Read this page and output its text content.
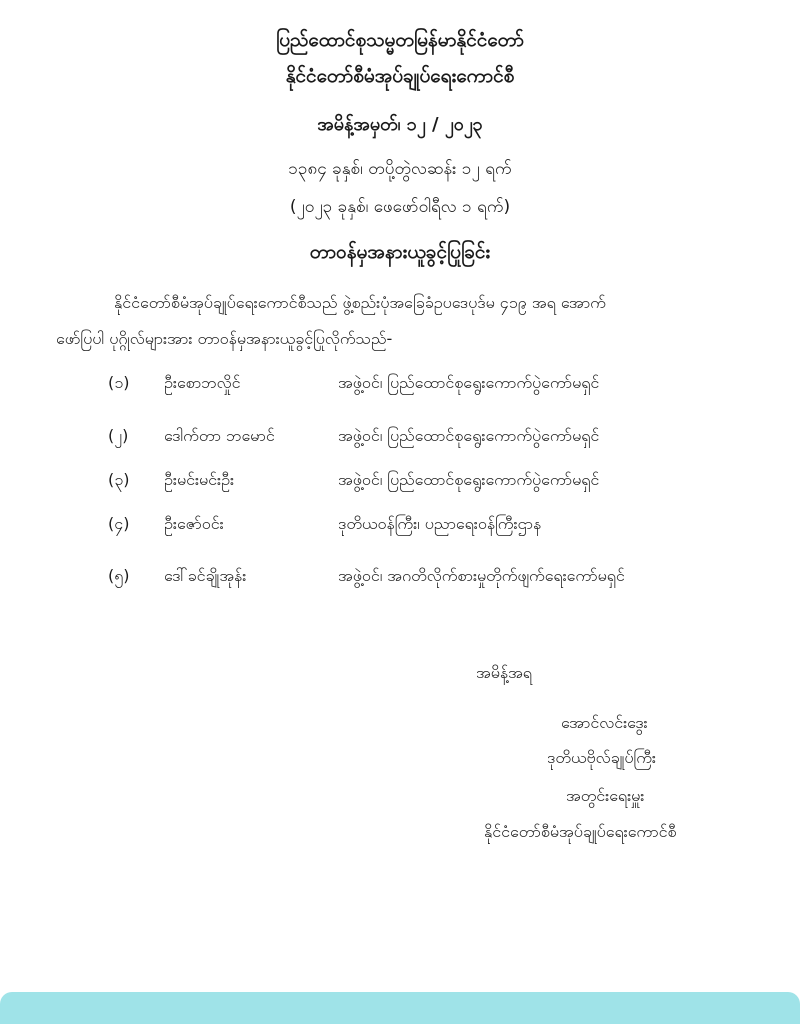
ပြည်ထောင်စုသမ္မတမြန်မာနိုင်ငံတော်
နိုင်ငံတော်စီမံအုပ်ချုပ်ရေးကောင်စီ
အမိန့်အမှတ်၊ ၁၂ / ၂၀၂၃
၁၃၈၄ ခုနှစ်၊ တပို့တွဲလဆန်း ၁၂ ရက်
(၂၀၂၃ ခုနှစ်၊ ဖေဖော်ဝါရီလ ၁ ရက်)
တာဝန်မှအနားယူခွင့်ပြုခြင်း
နိုင်ငံတော်စီမံအုပ်ချုပ်ရေးကောင်စီသည် ဖွဲ့စည်းပုံအခြေခံဥပဒေပုဒ်မ ၄၁၉ အရ အောက်
ဖော်ပြပါ ပုဂ္ဂိုလ်များအား တာဝန်မှအနားယူခွင့်ပြုလိုက်သည်-
(၁) ဦးစောဘလှိုင်	အဖွဲ့ဝင်၊ ပြည်ထောင်စုရွေးကောက်ပွဲကော်မရှင်
(၂) ဒေါက်တာ ဘမောင်	အဖွဲ့ဝင်၊ ပြည်ထောင်စုရွေးကောက်ပွဲကော်မရှင်
(၃) ဦးမင်းမင်းဦး	အဖွဲ့ဝင်၊ ပြည်ထောင်စုရွေးကောက်ပွဲကော်မရှင်
(၄) ဦးဇော်ဝင်း	ဒုတိယဝန်ကြီး၊ ပညာရေးဝန်ကြီးဌာန
(၅) ဒေါ်ခင်ချိုအုန်း	အဖွဲ့ဝင်၊ အဂတိလိုက်စားမှုတိုက်ဖျက်ရေးကော်မရှင်
အမိန့်အရ
အောင်လင်းဒွေး
ဒုတိယဗိုလ်ချုပ်ကြီး
အတွင်းရေးမှူး
နိုင်ငံတော်စီမံအုပ်ချုပ်ရေးကောင်စီ
